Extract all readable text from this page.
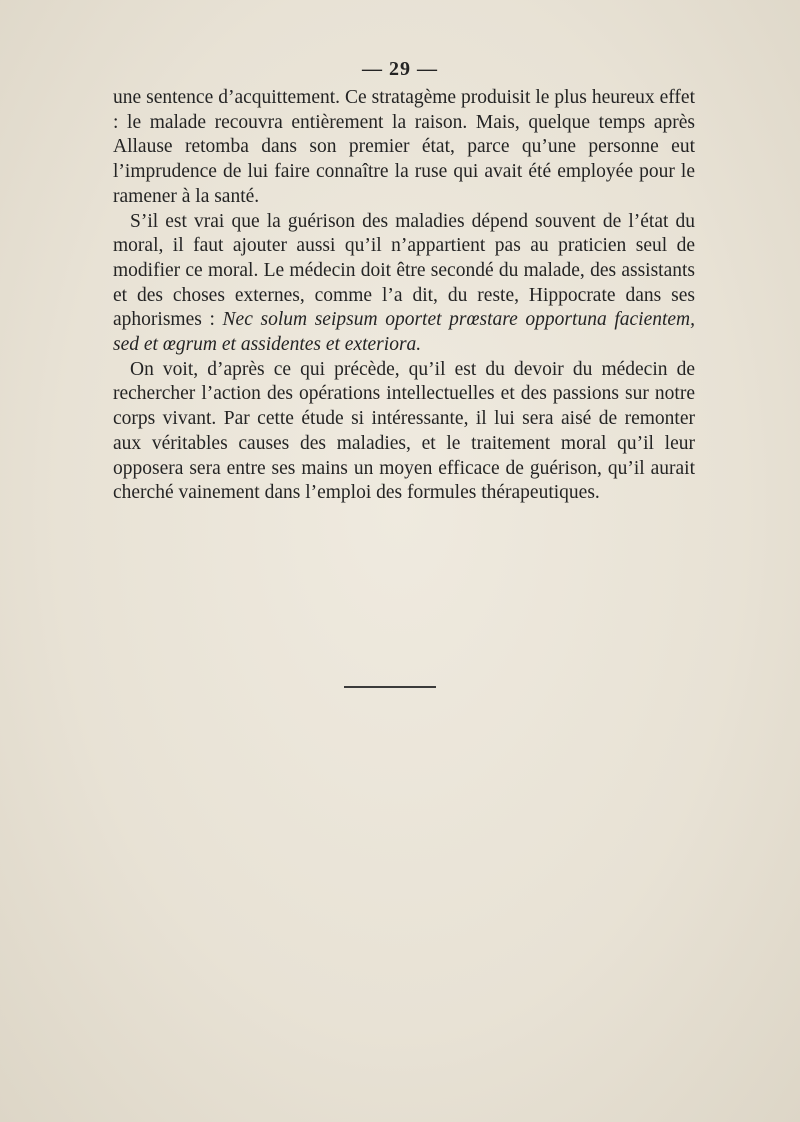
— 29 —

une sentence d’acquittement. Ce stratagème produisit le plus heureux effet : le malade recouvra entièrement la raison. Mais, quelque temps après Allause retomba dans son premier état, parce qu’une personne eut l’imprudence de lui faire connaître la ruse qui avait été employée pour le ramener à la santé.

S’il est vrai que la guérison des maladies dépend souvent de l’état du moral, il faut ajouter aussi qu’il n’appartient pas au praticien seul de modifier ce moral. Le médecin doit être secondé du malade, des assistants et des choses externes, comme l’a dit, du reste, Hippocrate dans ses aphorismes : Nec solum seipsum oportet prœstare opportuna facientem, sed et œgrum et assidentes et exteriora.

On voit, d’après ce qui précède, qu’il est du devoir du médecin de rechercher l’action des opérations intellectuelles et des passions sur notre corps vivant. Par cette étude si intéressante, il lui sera aisé de remonter aux véritables causes des maladies, et le traitement moral qu’il leur opposera sera entre ses mains un moyen efficace de guérison, qu’il aurait cherché vainement dans l’emploi des formules thérapeutiques.
